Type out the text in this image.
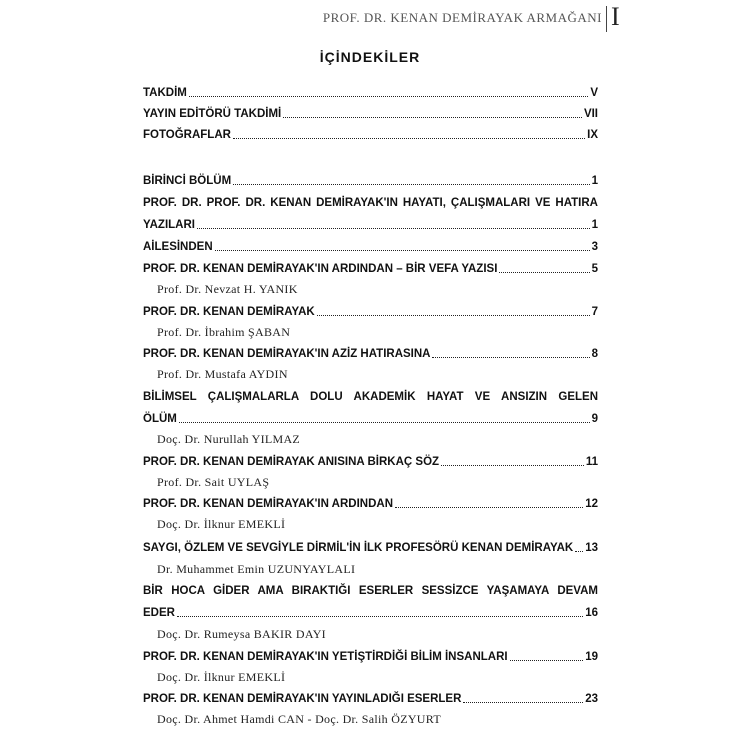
PROF. DR. KENAN DEMİRAYAK ARMAĞANI I
İÇİNDEKİLER
TAKDİM	V
YAYIN EDİTÖRÜ TAKDİMİ	VII
FOTOĞRAFLAR	IX
BİRİNCİ BÖLÜM	1
PROF. DR. PROF. DR. KENAN DEMİRAYAK'IN HAYATI, ÇALIŞMALARI VE HATIRA
YAZILARI	1
AİLESİNDEN	3
PROF. DR. KENAN DEMİRAYAK'IN ARDINDAN – BİR VEFA YAZISI	5
Prof. Dr. Nevzat H. YANIK
PROF. DR. KENAN DEMİRAYAK	7
Prof. Dr. İbrahim ŞABAN
PROF. DR. KENAN DEMİRAYAK'IN AZİZ HATIRASINA	8
Prof. Dr. Mustafa AYDIN
BİLİMSEL ÇALIŞMALARLA DOLU AKADEMİK HAYAT VE ANSIZIN GELEN
ÖLÜM	9
Doç. Dr. Nurullah YILMAZ
PROF. DR. KENAN DEMİRAYAK ANISINA BİRKAÇ SÖZ	11
Prof. Dr. Sait UYLAŞ
PROF. DR. KENAN DEMİRAYAK'IN ARDINDAN	12
Doç. Dr. İlknur EMEKLİ
SAYGI, ÖZLEM VE SEVGİYLE DİRMİL'İN İLK PROFESÖRÜ KENAN DEMİRAYAK 13
Dr. Muhammet Emin UZUNYAYLALI
BİR HOCA GİDER AMA BIRAKTIĞI ESERLER SESSİZCE YAŞAMAYA DEVAM
EDER	16
Doç. Dr. Rumeysa BAKIR DAYI
PROF. DR. KENAN DEMİRAYAK'IN YETİŞTİRDİĞİ BİLİM İNSANLARI	19
Doç. Dr. İlknur EMEKLİ
PROF. DR. KENAN DEMİRAYAK'IN YAYINLADIĞI ESERLER	23
Doç. Dr. Ahmet Hamdi CAN - Doç. Dr. Salih ÖZYURT
